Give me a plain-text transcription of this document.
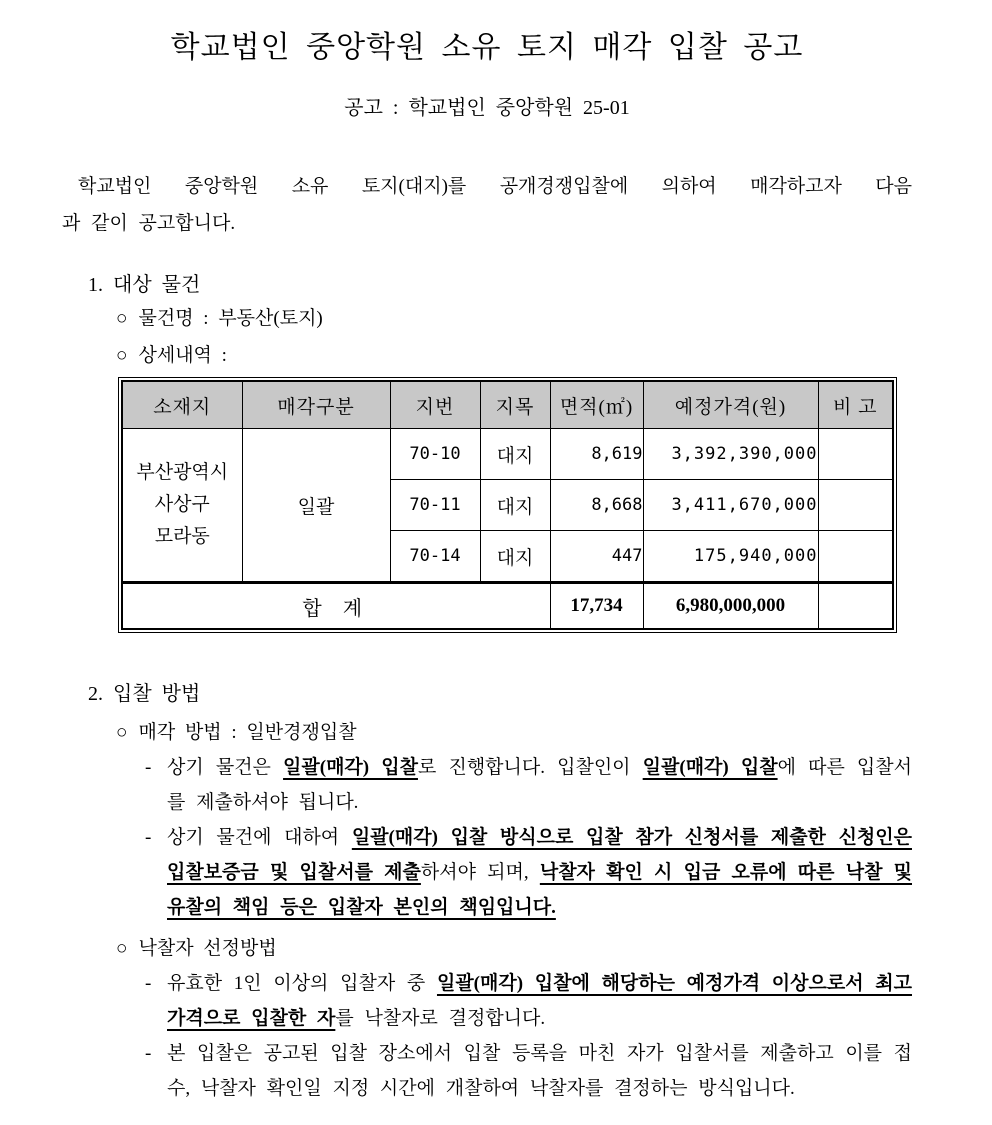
학교법인 중앙학원 소유 토지 매각 입찰 공고
공고 : 학교법인 중앙학원 25-01

학교법인 중앙학원 소유 토지(대지)를 공개경쟁입찰에 의하여 매각하고자 다음
과 같이 공고합니다.

1. 대상 물건
○ 물건명 : 부동산(토지)
○ 상세내역 :
소재지	매각구분	지번	지목	면적(㎡)	예정가격(원)	비 고

부산광역시
사상구
모라동	일괄	70-10	대지	8,619	3,392,390,000	
		70-11	대지	8,668	3,411,670,000	
		70-14	대지	447	175,940,000	
합 계				17,734	6,980,000,000	
2. 입찰 방법
○ 매각 방법 : 일반경쟁입찰
- 상기 물건은 일괄(매각) 입찰로 진행합니다. 입찰인이 일괄(매각) 입찰에 따른 입찰서를 제출하셔야 됩니다.
- 상기 물건에 대하여 일괄(매각) 입찰 방식으로 입찰 참가 신청서를 제출한 신청인은 입찰보증금 및 입찰서를 제출하셔야 되며, 낙찰자 확인 시 입금 오류에 따른 낙찰 및 유찰의 책임 등은 입찰자 본인의 책임입니다.
○ 낙찰자 선정방법
- 유효한 1인 이상의 입찰자 중 일괄(매각) 입찰에 해당하는 예정가격 이상으로서 최고가격으로 입찰한 자를 낙찰자로 결정합니다.
- 본 입찰은 공고된 입찰 장소에서 입찰 등록을 마친 자가 입찰서를 제출하고 이를 접수, 낙찰자 확인일 지정 시간에 개찰하여 낙찰자를 결정하는 방식입니다.
